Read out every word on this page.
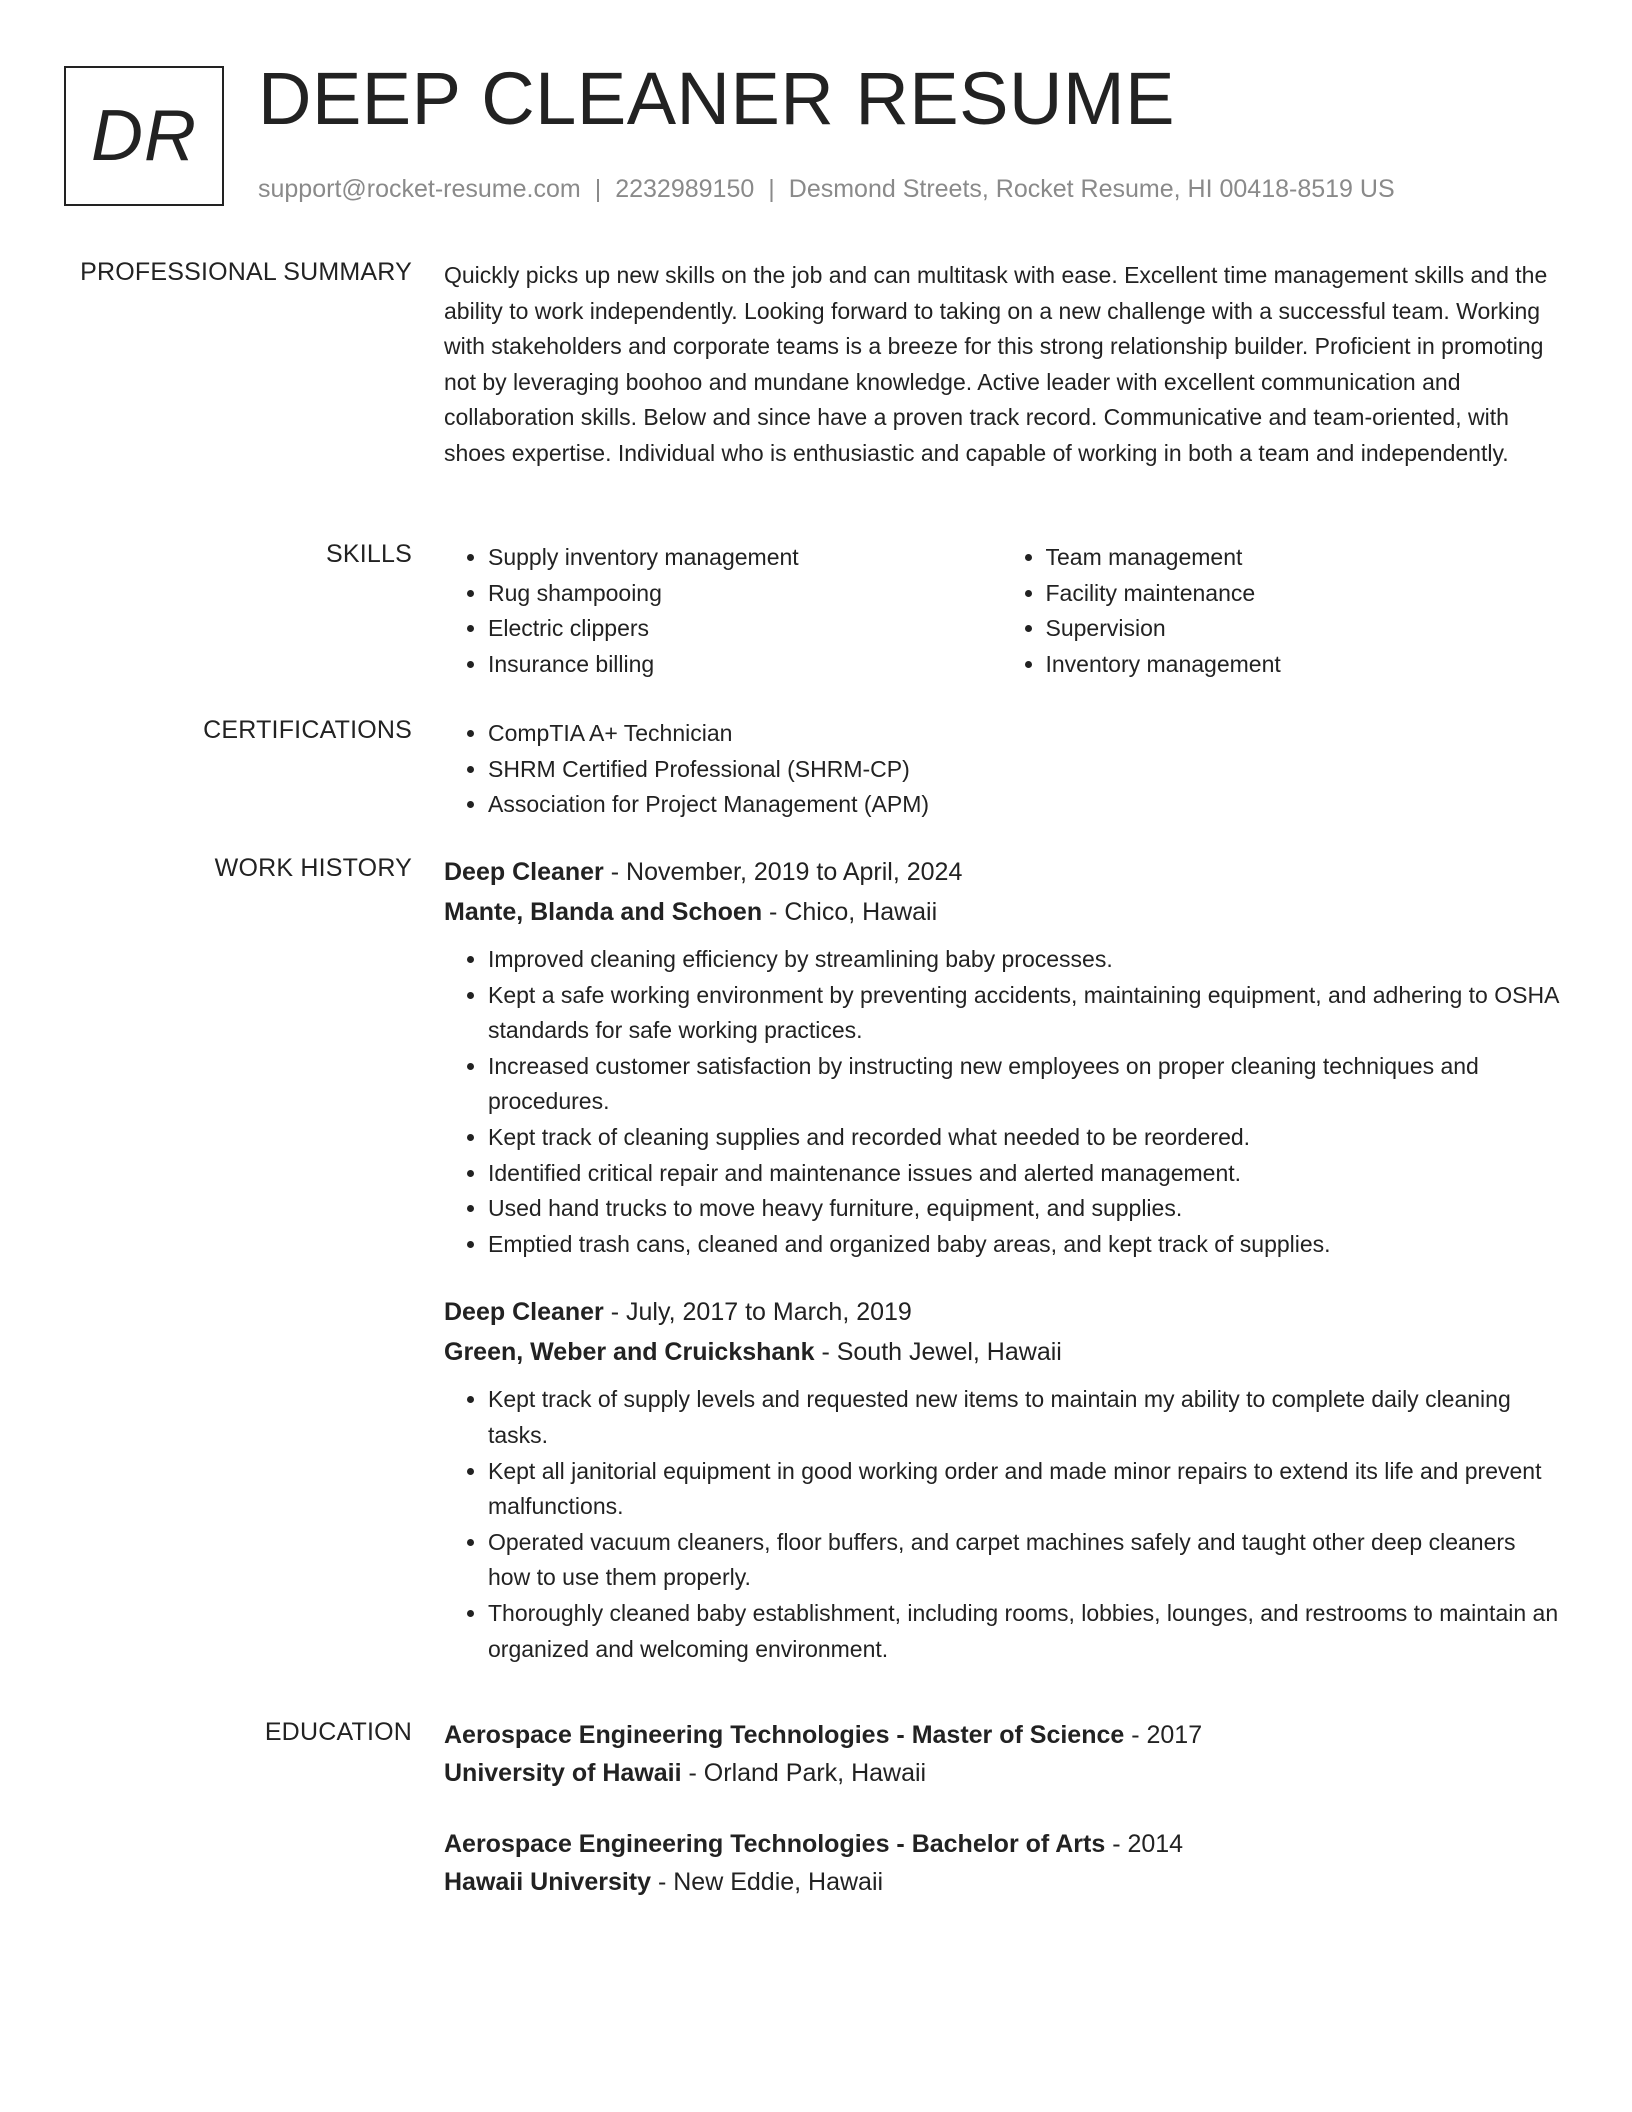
DR DEEP CLEANER RESUME
support@rocket-resume.com | 2232989150 | Desmond Streets, Rocket Resume, HI 00418-8519 US
PROFESSIONAL SUMMARY Quickly picks up new skills on the job and can multitask with ease. Excellent time management skills and the ability to work independently. Looking forward to taking on a new challenge with a successful team. Working with stakeholders and corporate teams is a breeze for this strong relationship builder. Proficient in promoting not by leveraging boohoo and mundane knowledge. Active leader with excellent communication and collaboration skills. Below and since have a proven track record. Communicative and team-oriented, with shoes expertise. Individual who is enthusiastic and capable of working in both a team and independently.
SKILLS	• Supply inventory management
• Rug shampooing
• Electric clippers
• Insurance billing
• Team management
• Facility maintenance
• Supervision
• Inventory management
CERTIFICATIONS	• CompTIA A+ Technician
• SHRM Certified Professional (SHRM-CP)
• Association for Project Management (APM)
WORK HISTORY Deep Cleaner - November, 2019 to April, 2024
Mante, Blanda and Schoen - Chico, Hawaii
• Improved cleaning efficiency by streamlining baby processes.
• Kept a safe working environment by preventing accidents, maintaining equipment, and adhering to OSHA standards for safe working practices.
• Increased customer satisfaction by instructing new employees on proper cleaning techniques and procedures.
• Kept track of cleaning supplies and recorded what needed to be reordered.
• Identified critical repair and maintenance issues and alerted management.
• Used hand trucks to move heavy furniture, equipment, and supplies.
• Emptied trash cans, cleaned and organized baby areas, and kept track of supplies.
Deep Cleaner - July, 2017 to March, 2019
Green, Weber and Cruickshank - South Jewel, Hawaii
• Kept track of supply levels and requested new items to maintain my ability to complete daily cleaning tasks.
• Kept all janitorial equipment in good working order and made minor repairs to extend its life and prevent malfunctions.
• Operated vacuum cleaners, floor buffers, and carpet machines safely and taught other deep cleaners how to use them properly.
• Thoroughly cleaned baby establishment, including rooms, lobbies, lounges, and restrooms to maintain an organized and welcoming environment.
EDUCATION Aerospace Engineering Technologies - Master of Science - 2017
University of Hawaii - Orland Park, Hawaii
Aerospace Engineering Technologies - Bachelor of Arts - 2014
Hawaii University - New Eddie, Hawaii
